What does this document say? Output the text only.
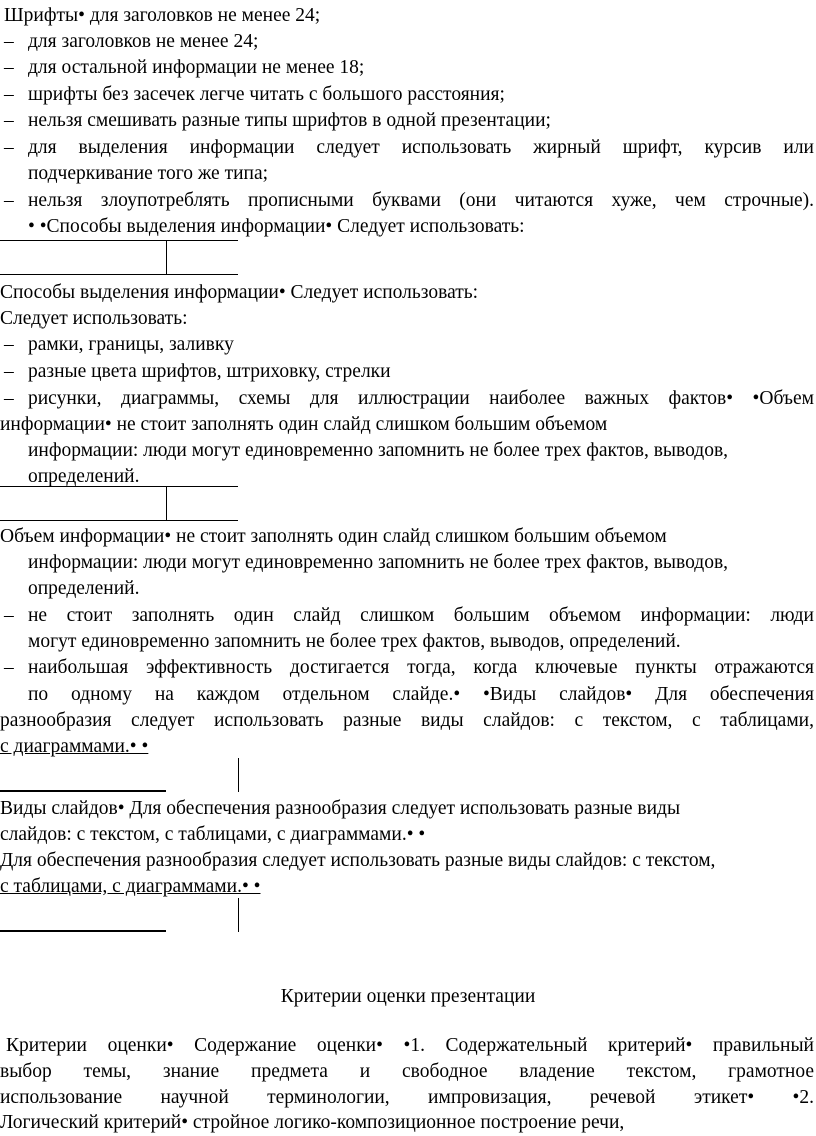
Шрифты• для заголовков не менее 24;
– для заголовков не менее 24;
– для остальной информации не менее 18;
– шрифты без засечек легче читать с большого расстояния;
– нельзя смешивать разные типы шрифтов в одной презентации;
– для выделения информации следует использовать жирный шрифт, курсив или
подчеркивание того же типа;
– нельзя злоупотреблять прописными буквами (они читаются хуже, чем строчные).
• •Способы выделения информации• Следует использовать:
Способы выделения информации• Следует использовать:
Следует использовать:
– рамки, границы, заливку
– разные цвета шрифтов, штриховку, стрелки
– рисунки, диаграммы, схемы для иллюстрации наиболее важных фактов• •Объем
информации• не стоит заполнять один слайд слишком большим объемом
информации: люди могут единовременно запомнить не более трех фактов, выводов,
определений.
Объем информации• не стоит заполнять один слайд слишком большим объемом
информации: люди могут единовременно запомнить не более трех фактов, выводов,
определений.
– не стоит заполнять один слайд слишком большим объемом информации: люди
могут единовременно запомнить не более трех фактов, выводов, определений.
– наибольшая эффективность достигается тогда, когда ключевые пункты отражаются
по одному на каждом отдельном слайде.• •Виды слайдов• Для обеспечения
разнообразия следует использовать разные виды слайдов: с текстом, с таблицами,
с диаграммами.• •
Виды слайдов• Для обеспечения разнообразия следует использовать разные виды
слайдов: с текстом, с таблицами, с диаграммами.• •
Для обеспечения разнообразия следует использовать разные виды слайдов: с текстом,
с таблицами, с диаграммами.• •
Критерии оценки презентации
Критерии оценки• Содержание оценки• •1. Содержательный критерий• правильный
выбор темы, знание предмета и свободное владение текстом, грамотное
использование научной терминологии, импровизация, речевой этикет• •2.
Логический критерий• стройное логико-композиционное построение речи,
